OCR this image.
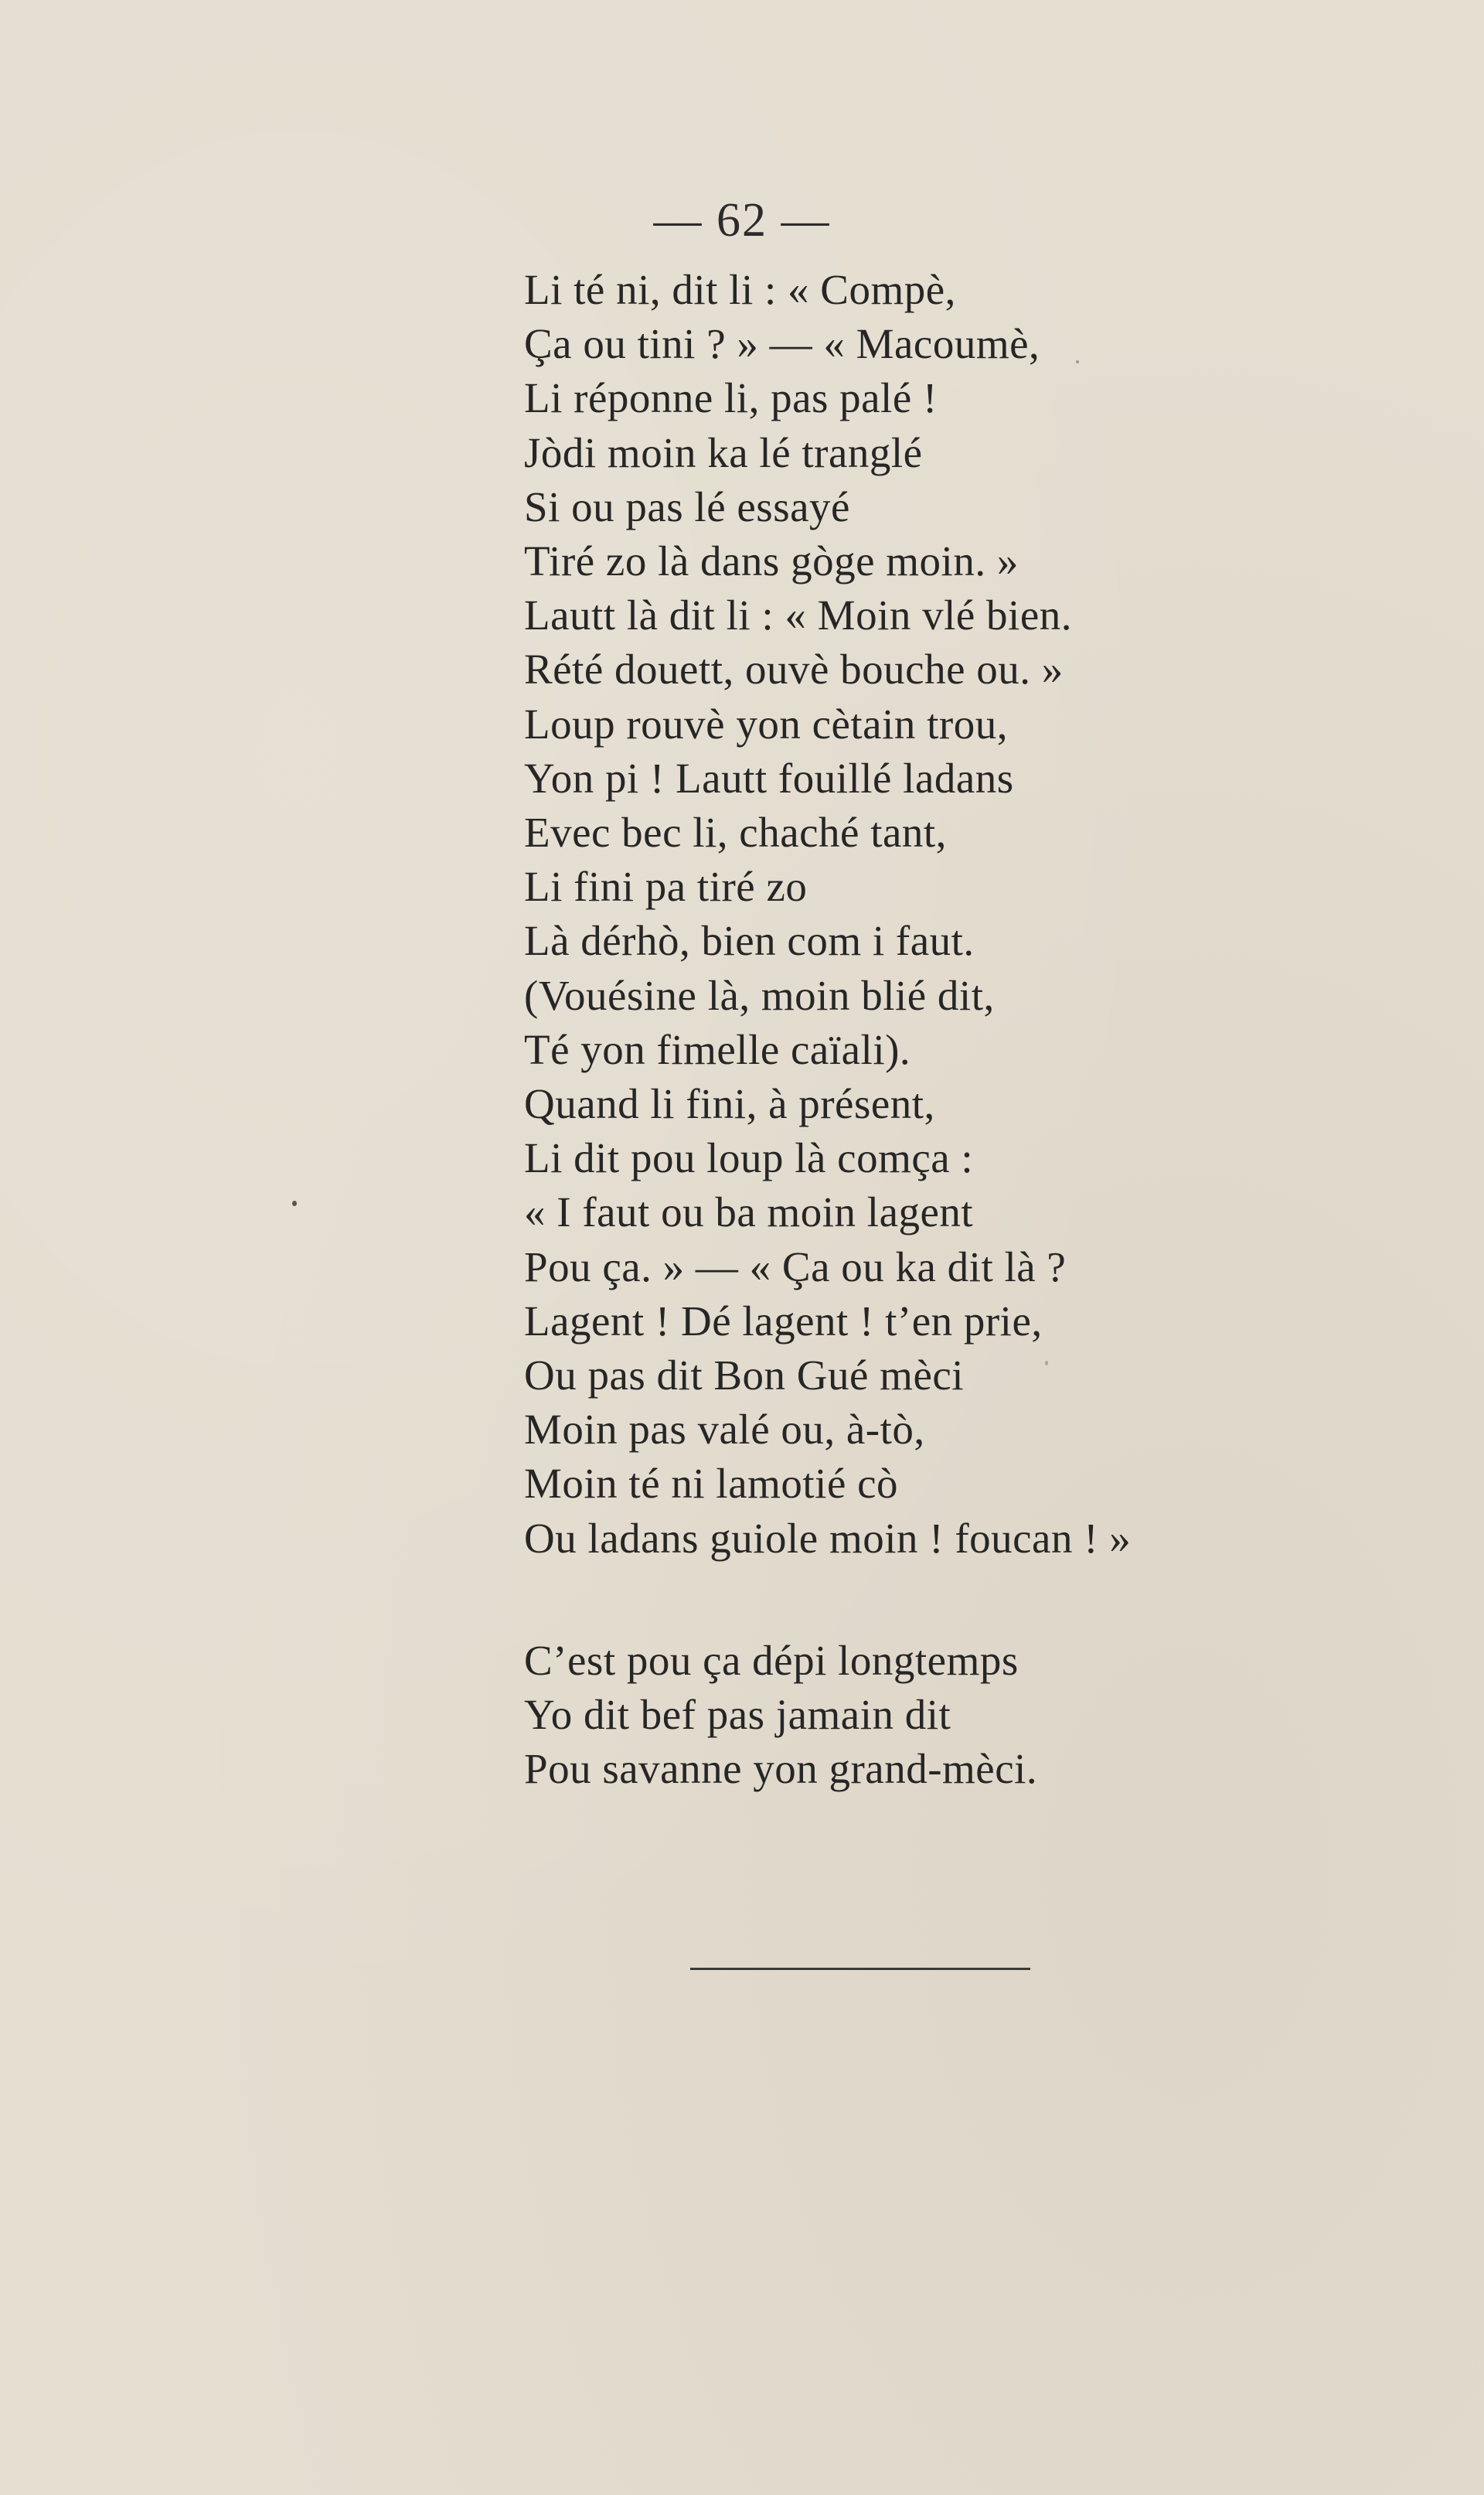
— 62 —
Li té ni, dit li : « Compè,
Ça ou tini ? » — « Macoumè,
Li réponne li, pas palé !
Jòdi moin ka lé tranglé
Si ou pas lé essayé
Tiré zo là dans gòge moin. »
Lautt là dit li : « Moin vlé bien.
Rété douett, ouvè bouche ou. »
Loup rouvè yon cètain trou,
Yon pi ! Lautt fouillé ladans
Evec bec li, chaché tant,
Li fini pa tiré zo
Là dérhò, bien com i faut.
(Vouésine là, moin blié dit,
Té yon fimelle caïali).
Quand li fini, à présent,
Li dit pou loup là comça :
« I faut ou ba moin lagent
Pou ça. » — « Ça ou ka dit là ?
Lagent ! Dé lagent ! t’en prie,
Ou pas dit Bon Gué mèci
Moin pas valé ou, à-tò,
Moin té ni lamotié cò
Ou ladans guiole moin ! foucan ! »
C’est pou ça dépi longtemps
Yo dit bef pas jamain dit
Pou savanne yon grand-mèci.
